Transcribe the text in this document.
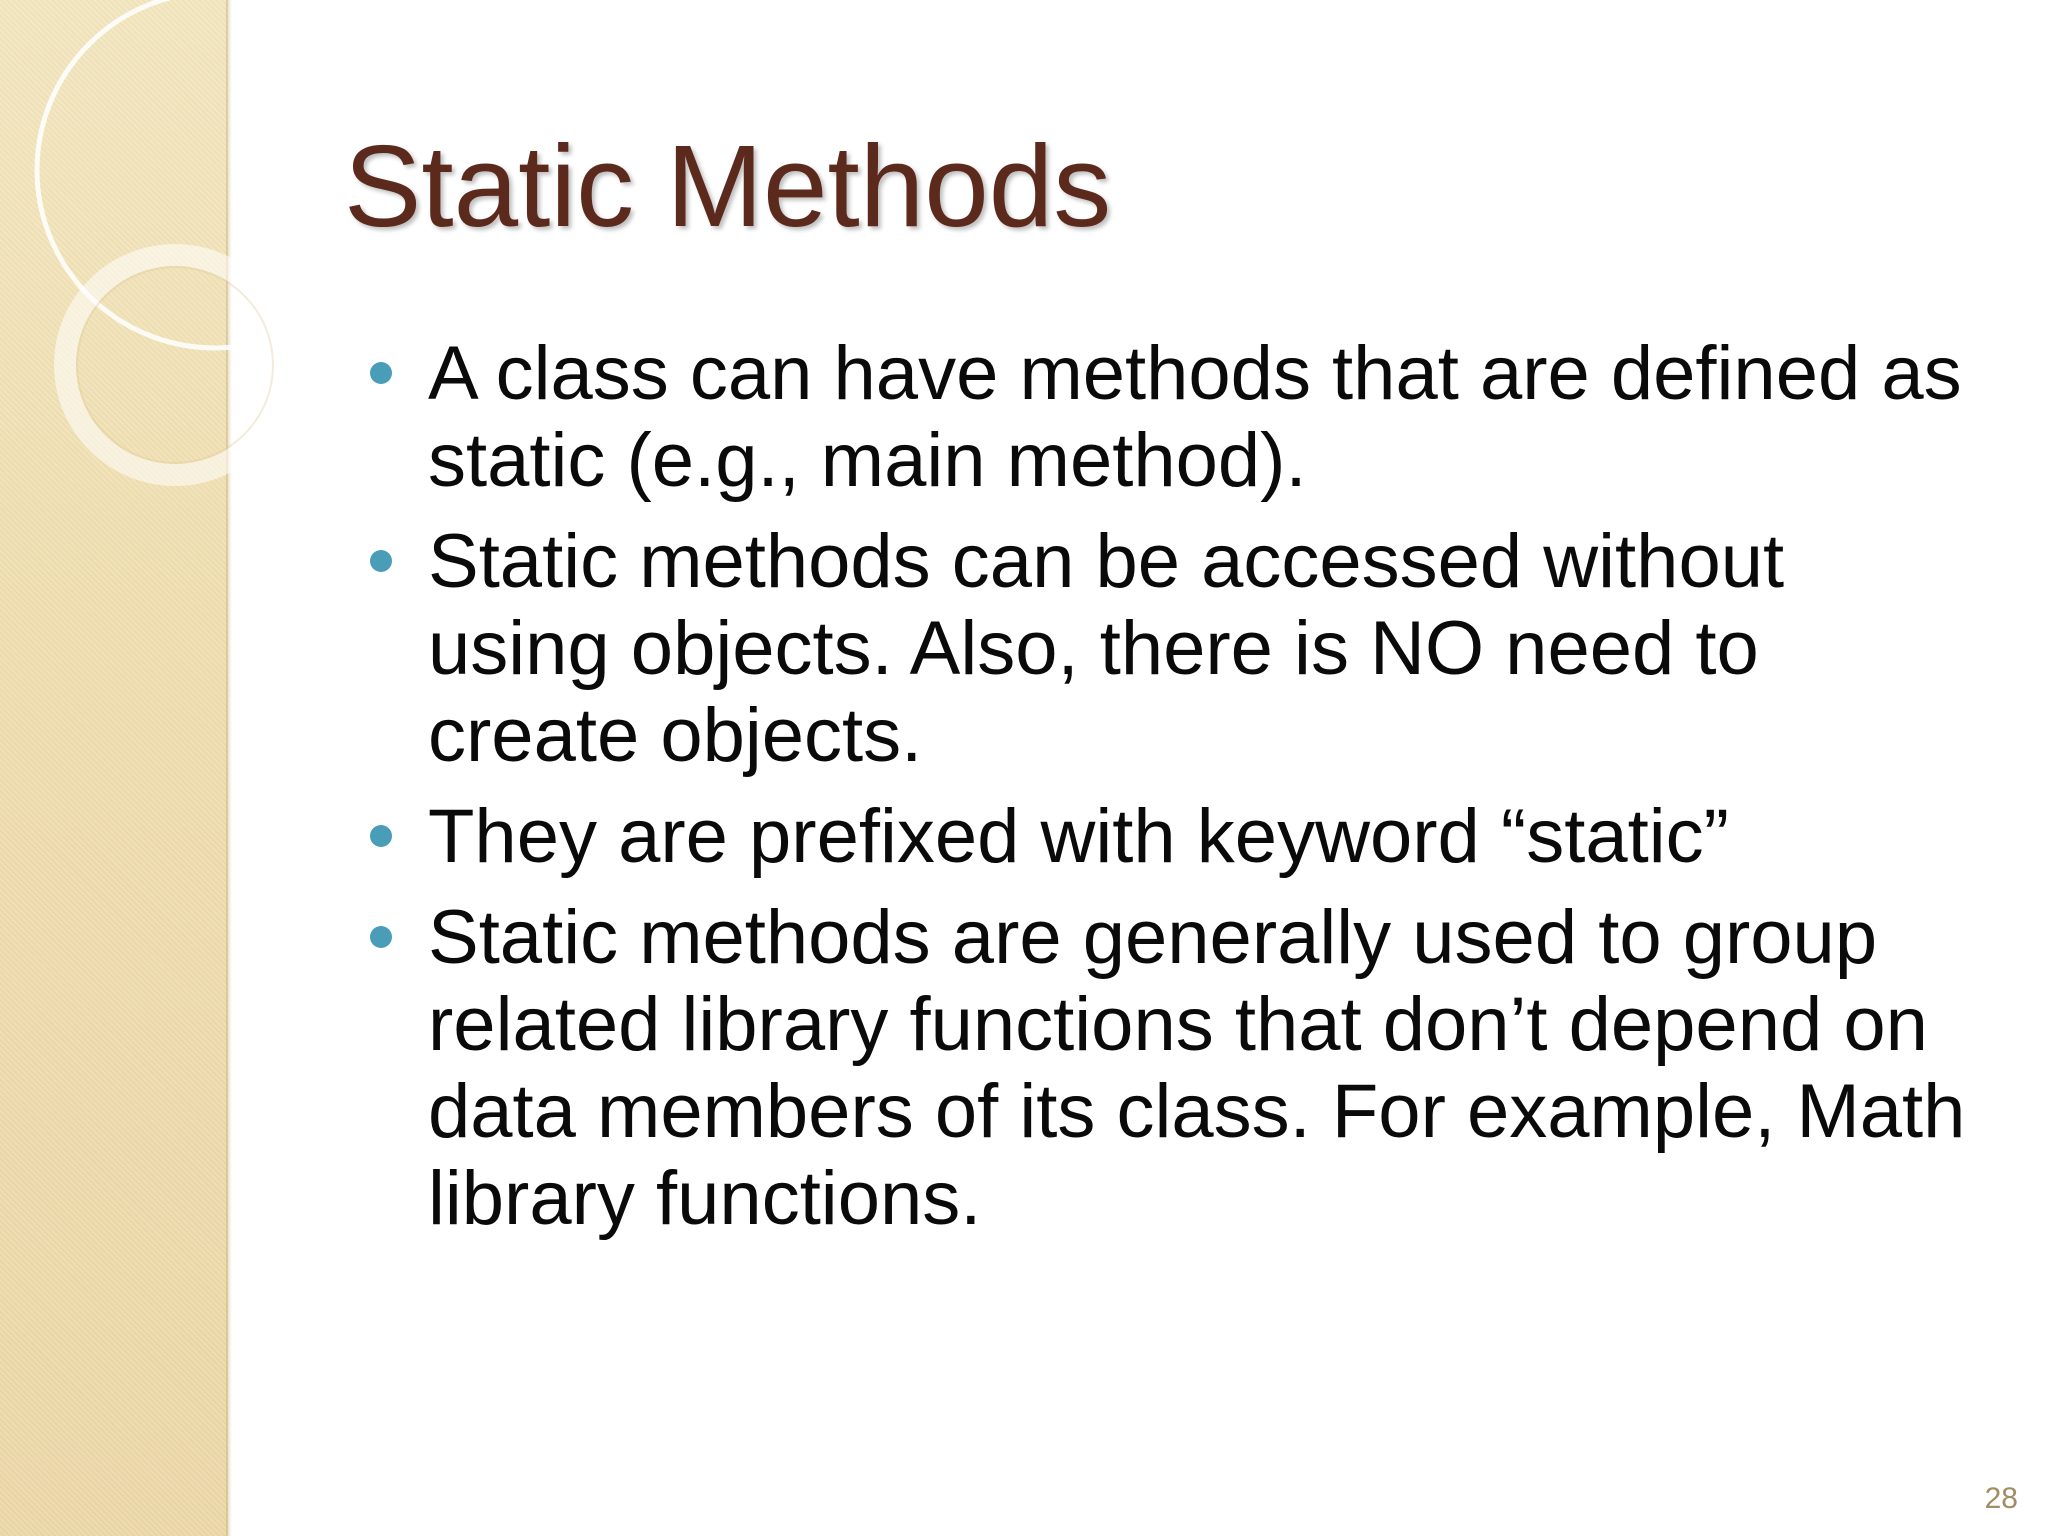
Static Methods
A class can have methods that are defined as static (e.g., main method).
Static methods can be accessed without using objects. Also, there is NO need to create objects.
They are prefixed with keyword “static”
Static methods are generally used to group related library functions that don’t depend on data members of its class. For example, Math library functions.
28
